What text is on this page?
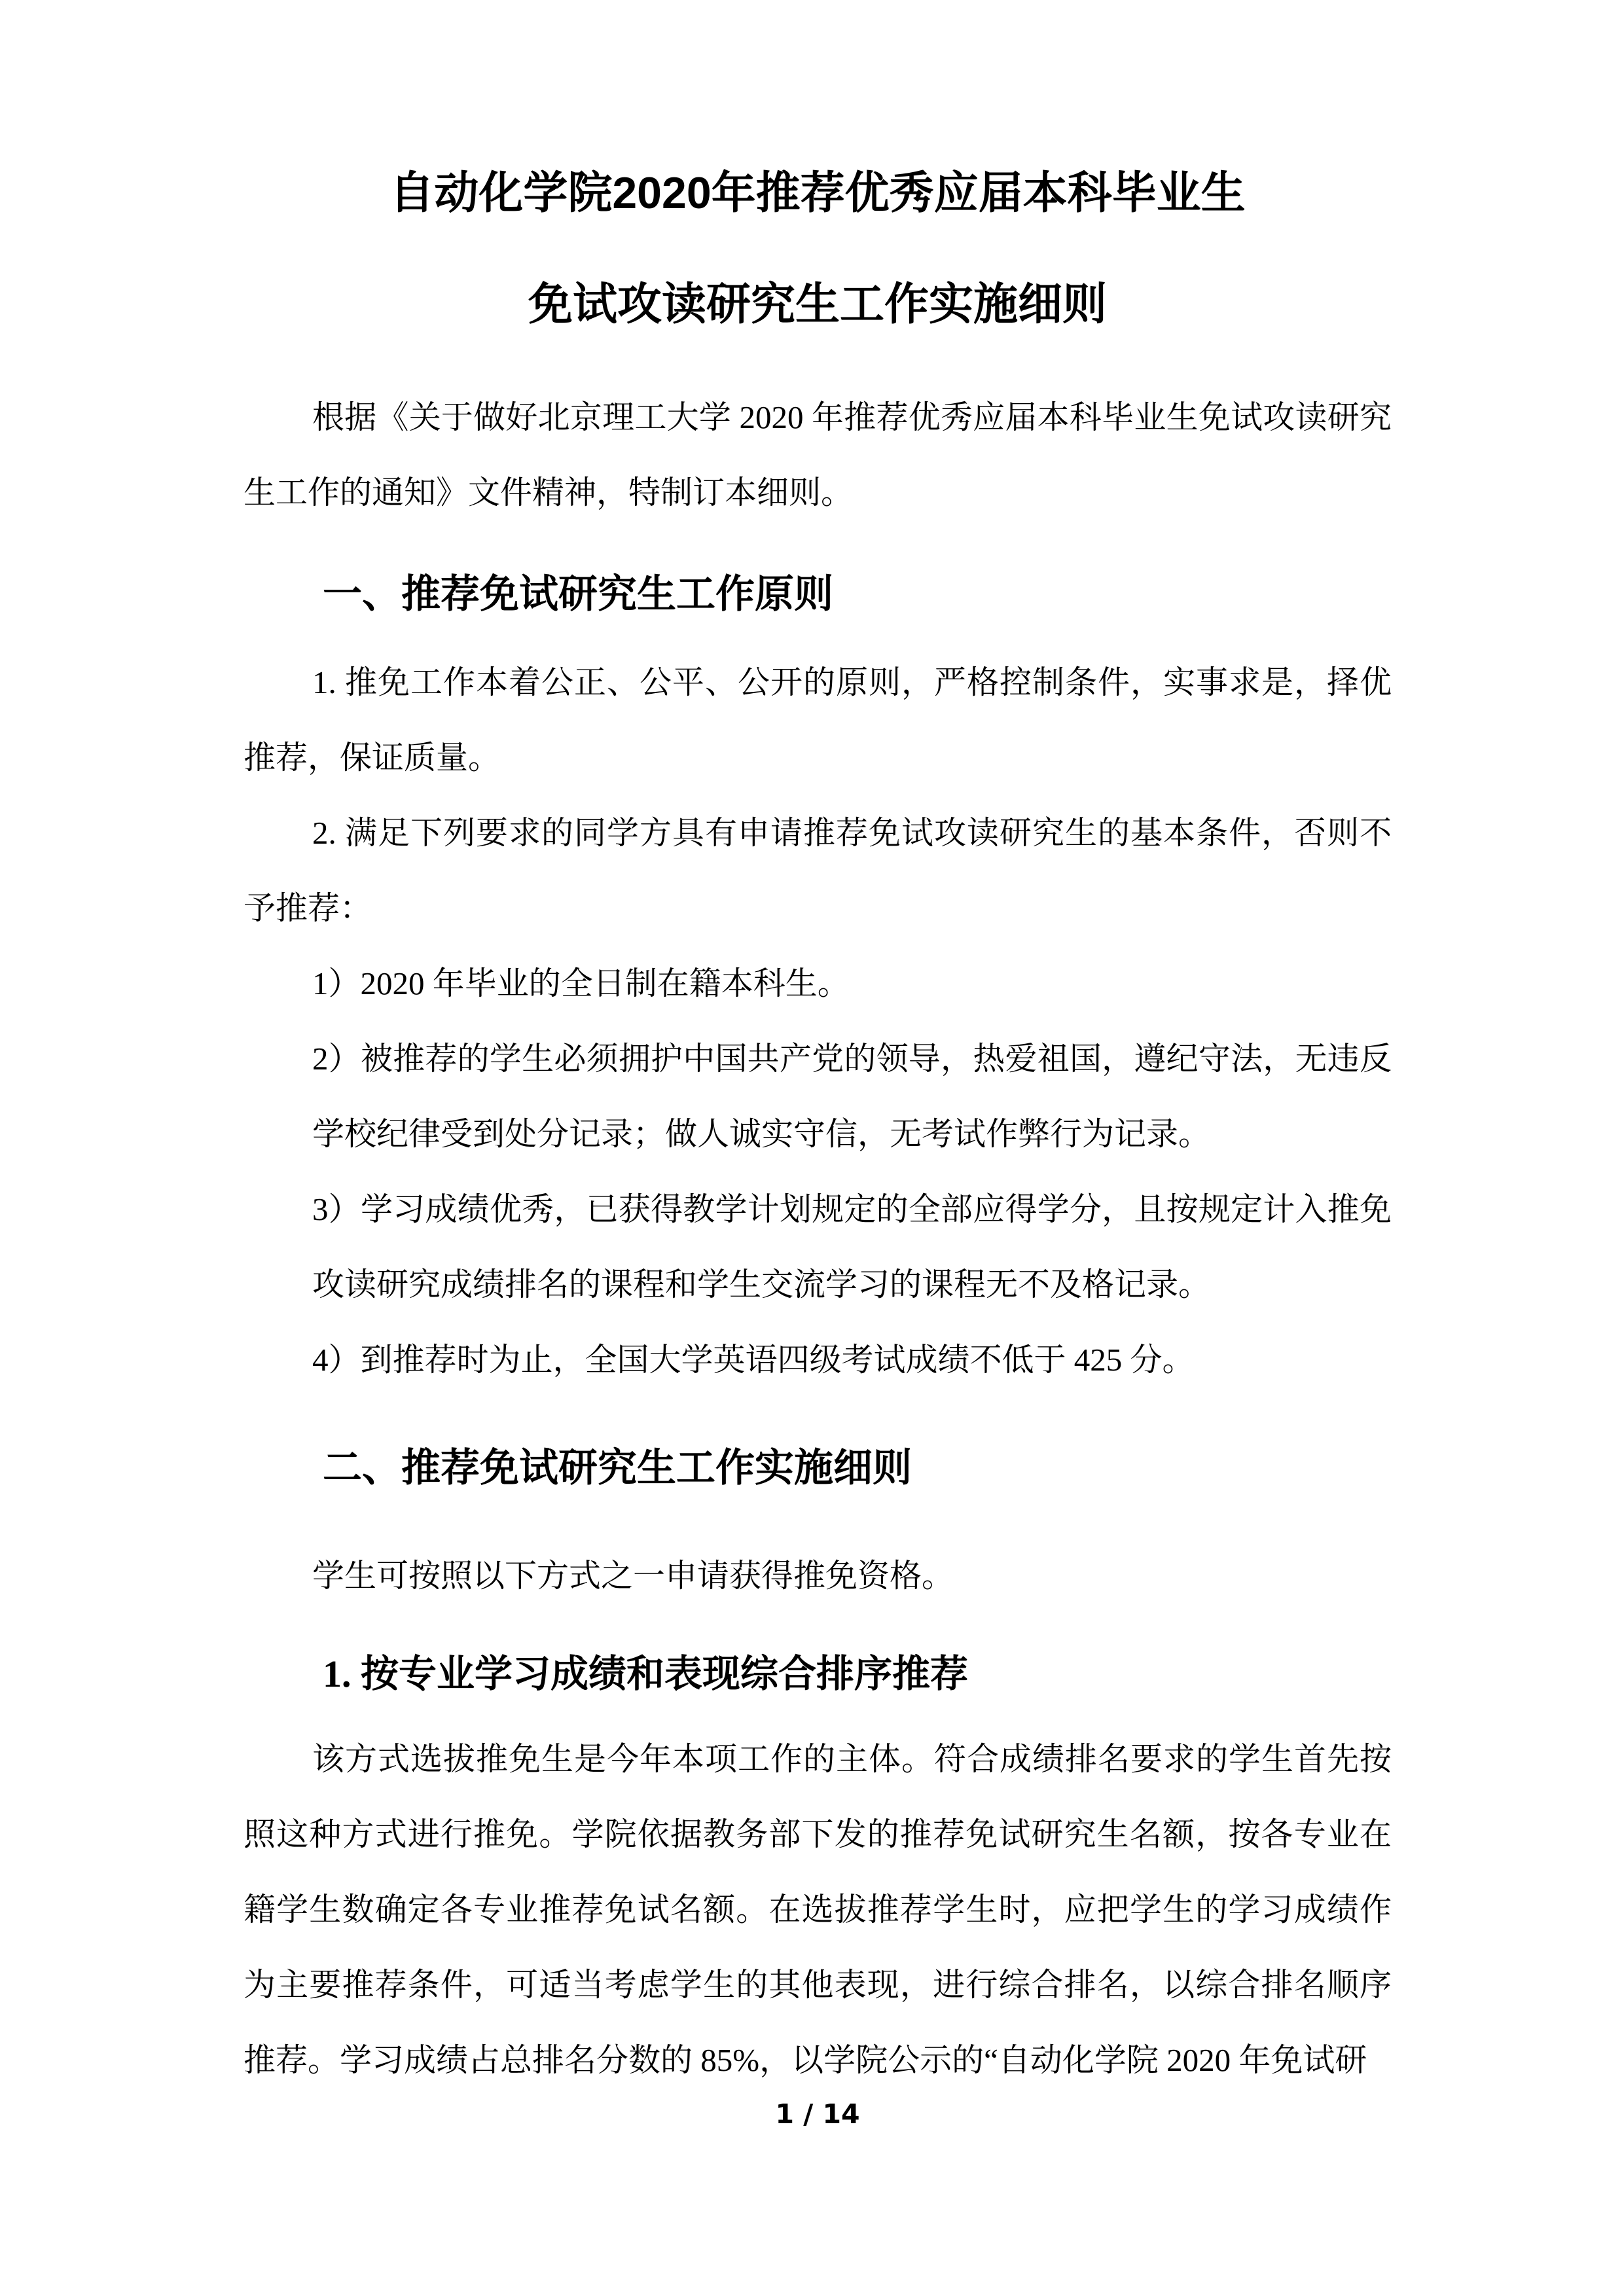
自动化学院2020年推荐优秀应届本科毕业生
免试攻读研究生工作实施细则

根据《关于做好北京理工大学 2020 年推荐优秀应届本科毕业生免试攻读研究生工作的通知》文件精神，特制订本细则。

一、推荐免试研究生工作原则

1. 推免工作本着公正、公平、公开的原则，严格控制条件，实事求是，择优推荐，保证质量。

2. 满足下列要求的同学方具有申请推荐免试攻读研究生的基本条件，否则不予推荐：

1）2020 年毕业的全日制在籍本科生。

2）被推荐的学生必须拥护中国共产党的领导，热爱祖国，遵纪守法，无违反学校纪律受到处分记录；做人诚实守信，无考试作弊行为记录。

3）学习成绩优秀，已获得教学计划规定的全部应得学分，且按规定计入推免攻读研究成绩排名的课程和学生交流学习的课程无不及格记录。

4）到推荐时为止，全国大学英语四级考试成绩不低于 425 分。

二、推荐免试研究生工作实施细则

学生可按照以下方式之一申请获得推免资格。

1. 按专业学习成绩和表现综合排序推荐

该方式选拔推免生是今年本项工作的主体。符合成绩排名要求的学生首先按照这种方式进行推免。学院依据教务部下发的推荐免试研究生名额，按各专业在籍学生数确定各专业推荐免试名额。在选拔推荐学生时，应把学生的学习成绩作为主要推荐条件，可适当考虑学生的其他表现，进行综合排名，以综合排名顺序推荐。学习成绩占总排名分数的 85%，以学院公示的“自动化学院 2020 年免试研

1 / 14
